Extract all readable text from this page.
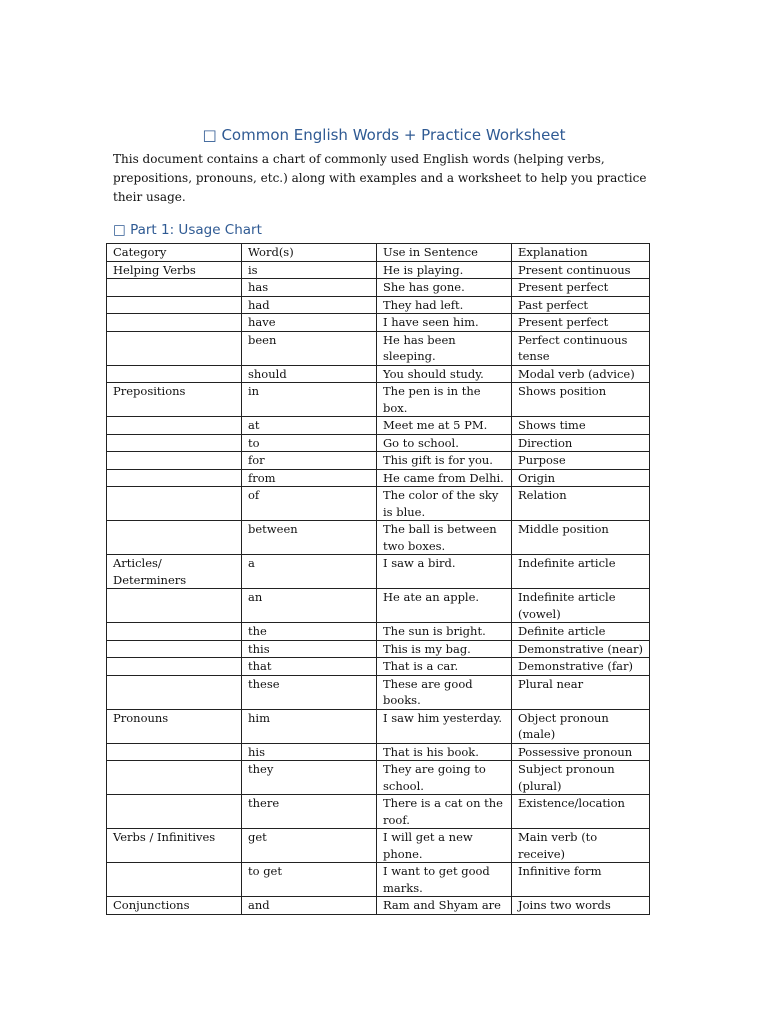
□ Common English Words + Practice Worksheet

This document contains a chart of commonly used English words (helping verbs, prepositions, pronouns, etc.) along with examples and a worksheet to help you practice their usage.

□ Part 1: Usage Chart
Category	Word(s)	Use in Sentence	Explanation
Helping Verbs	is	He is playing.	Present continuous
	has	She has gone.	Present perfect
	had	They had left.	Past perfect
	have	I have seen him.	Present perfect
	been	He has been sleeping.	Perfect continuous tense
	should	You should study.	Modal verb (advice)
Prepositions	in	The pen is in the box.	Shows position
	at	Meet me at 5 PM.	Shows time
	to	Go to school.	Direction
	for	This gift is for you.	Purpose
	from	He came from Delhi.	Origin
	of	The color of the sky is blue.	Relation
	between	The ball is between two boxes.	Middle position
Articles/ Determiners	a	I saw a bird.	Indefinite article
	an	He ate an apple.	Indefinite article (vowel)
	the	The sun is bright.	Definite article
	this	This is my bag.	Demonstrative (near)
	that	That is a car.	Demonstrative (far)
	these	These are good books.	Plural near
Pronouns	him	I saw him yesterday.	Object pronoun (male)
	his	That is his book.	Possessive pronoun
	they	They are going to school.	Subject pronoun (plural)
	there	There is a cat on the roof.	Existence/location
Verbs / Infinitives	get	I will get a new phone.	Main verb (to receive)
	to get	I want to get good marks.	Infinitive form
Conjunctions	and	Ram and Shyam are	Joins two words
